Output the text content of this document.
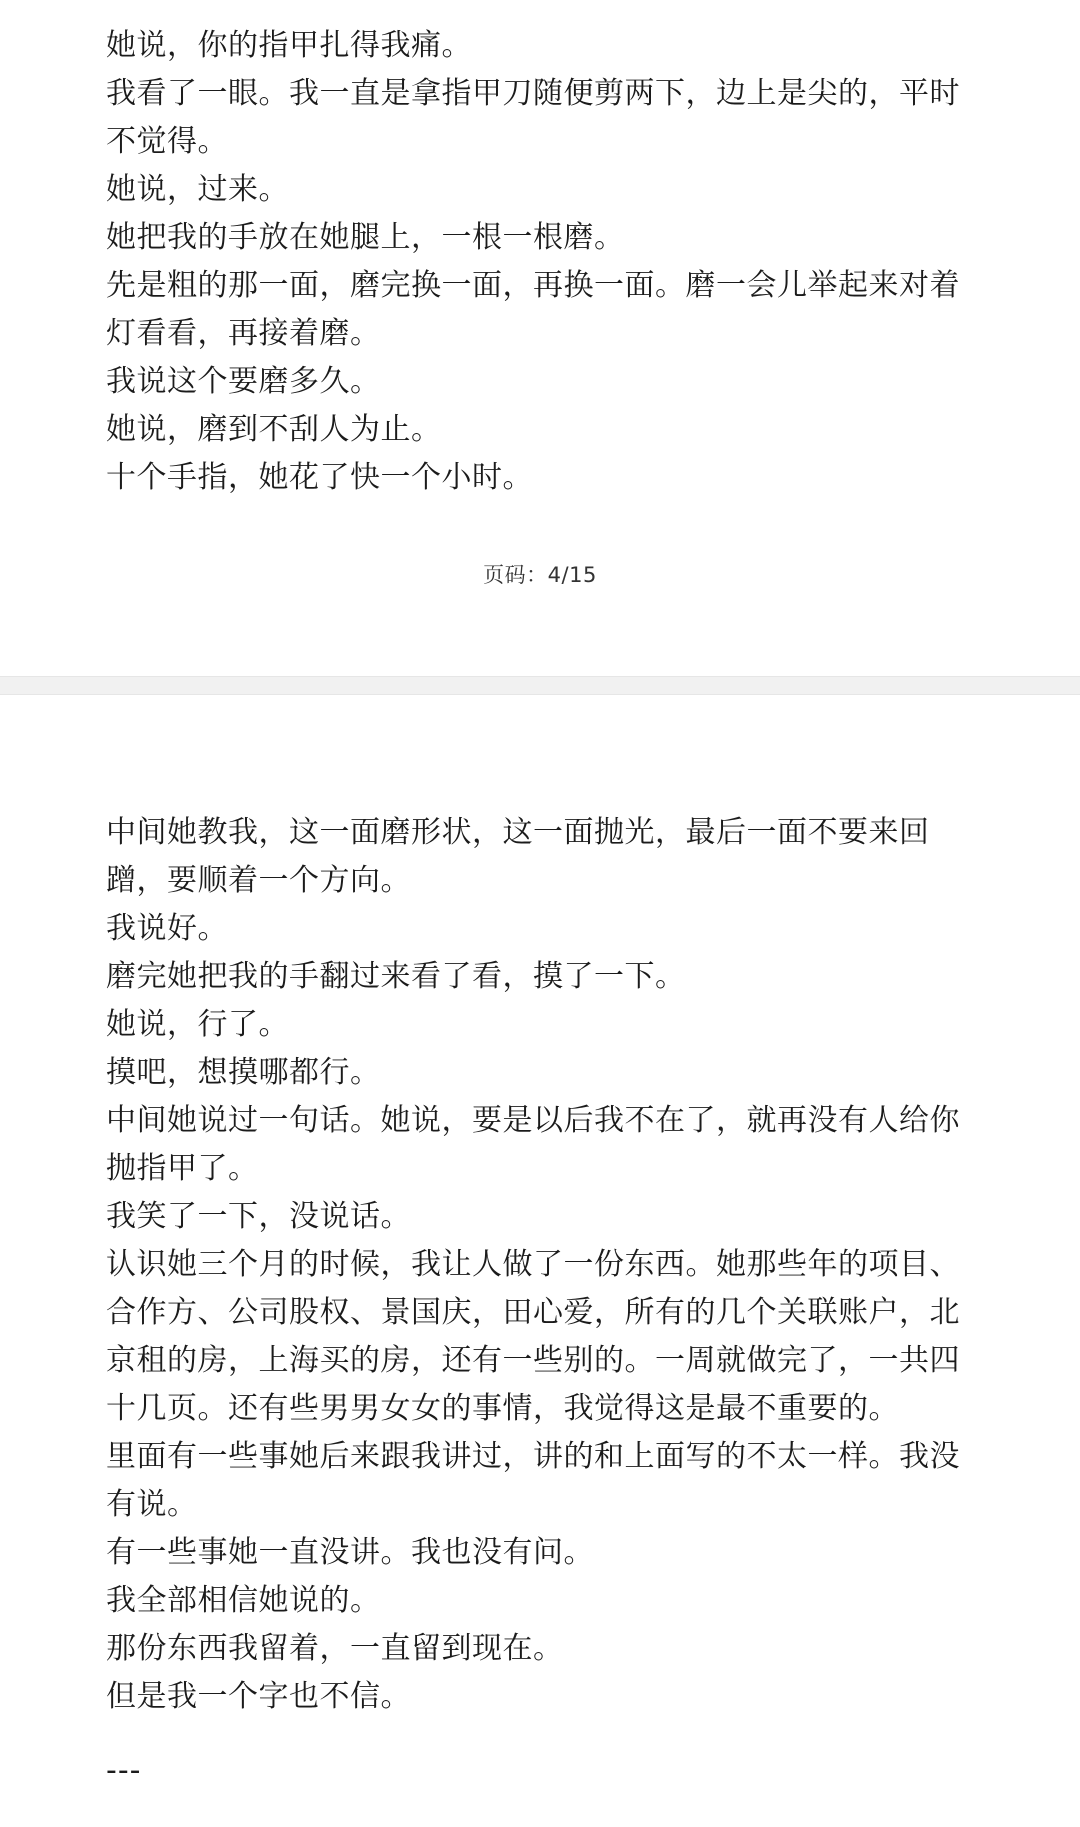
她说，你的指甲扎得我痛。
我看了一眼。我一直是拿指甲刀随便剪两下，边上是尖的，平时
不觉得。
她说，过来。
她把我的手放在她腿上，一根一根磨。
先是粗的那一面，磨完换一面，再换一面。磨一会儿举起来对着
灯看看，再接着磨。
我说这个要磨多久。
她说，磨到不刮人为止。
十个手指，她花了快一个小时。
页码：4/15
中间她教我，这一面磨形状，这一面抛光，最后一面不要来回
蹭，要顺着一个方向。
我说好。
磨完她把我的手翻过来看了看，摸了一下。
她说，行了。
摸吧，想摸哪都行。
中间她说过一句话。她说，要是以后我不在了，就再没有人给你
抛指甲了。
我笑了一下，没说话。
认识她三个月的时候，我让人做了一份东西。她那些年的项目、
合作方、公司股权、景国庆，田心爱，所有的几个关联账户，北
京租的房，上海买的房，还有一些别的。一周就做完了，一共四
十几页。还有些男男女女的事情，我觉得这是最不重要的。
里面有一些事她后来跟我讲过，讲的和上面写的不太一样。我没
有说。
有一些事她一直没讲。我也没有问。
我全部相信她说的。
那份东西我留着，一直留到现在。
但是我一个字也不信。
---
